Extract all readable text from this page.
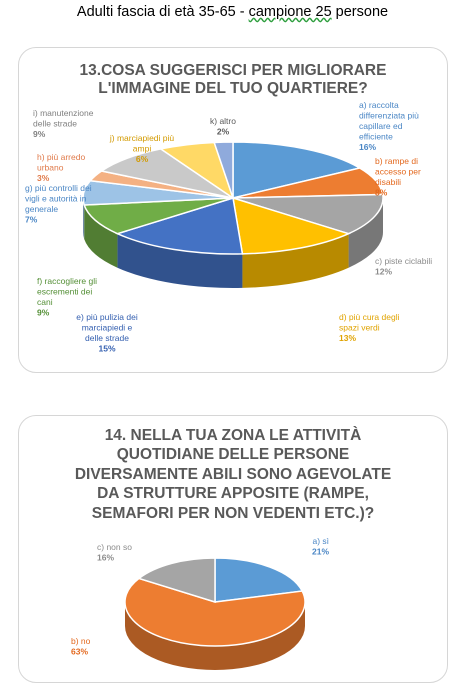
Adulti fascia di età 35-65 - campione 25 persone
13.COSA SUGGERISCI PER MIGLIORARE
L'IMMAGINE DEL TUO QUARTIERE?
a) raccolta differenziata più capillare ed efficiente 16%
b) rampe di accesso per disabili 8%
c) piste ciclabili 12%
d) più cura degli spazi verdi 13%
e) più pulizia dei marciapiedi e delle strade 15%
f) raccogliere gli escrementi dei cani 9%
g) più controlli dei vigli e autorità in generale 7%
h) più arredo urbano 3%
i) manutenzione delle strade 9%	j) marciapiedi più ampi 6%
k) altro 2%
14. NELLA TUA ZONA LE ATTIVITÀ
QUOTIDIANE DELLE PERSONE
DIVERSAMENTE ABILI SONO AGEVOLATE
DA STRUTTURE APPOSITE (RAMPE,
SEMAFORI PER NON VEDENTI ETC.)?
a) sì 21%
b) no 63%
c) non so 16%
